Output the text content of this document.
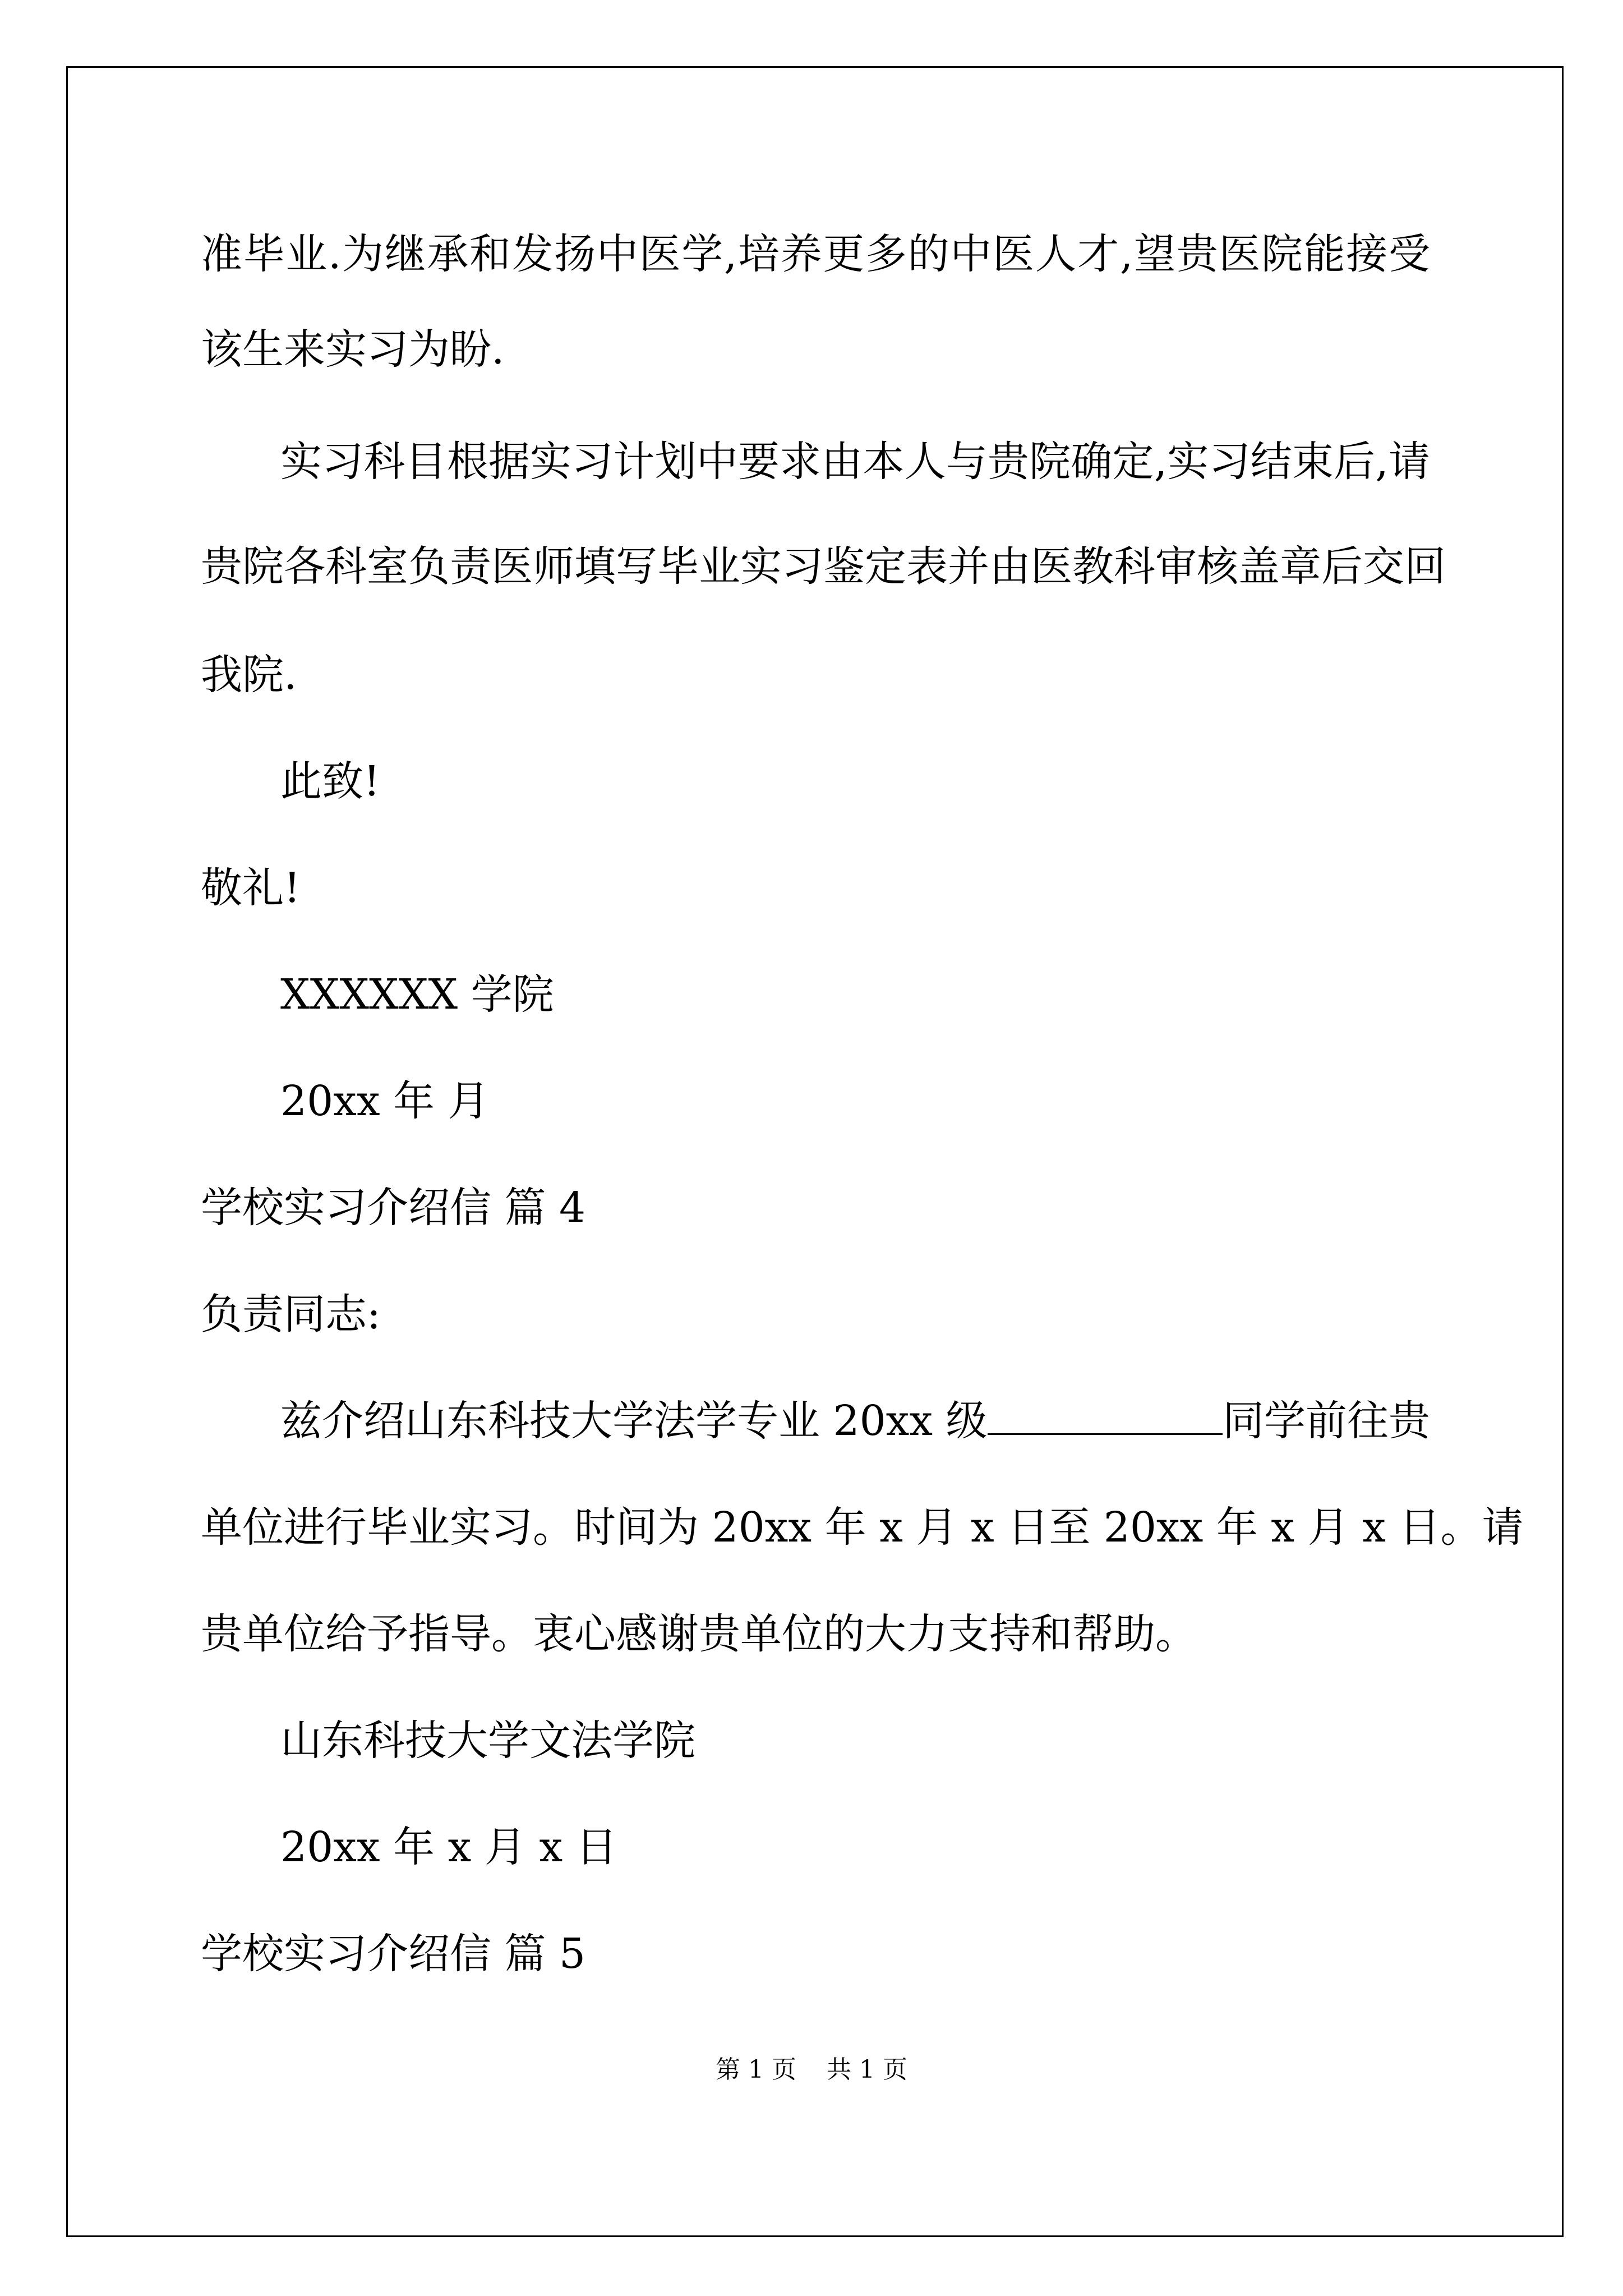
准毕业.为继承和发扬中医学,培养更多的中医人才,望贵医院能接受
该生来实习为盼.
实习科目根据实习计划中要求由本人与贵院确定,实习结束后,请
贵院各科室负责医师填写毕业实习鉴定表并由医教科审核盖章后交回
我院.
此致!
敬礼!
XXXXXX 学院
20xx 年 月
学校实习介绍信 篇 4
负责同志:
兹介绍山东科技大学法学专业 20xx 级	同学前往贵
单位进行毕业实习。时间为 20xx 年 x 月 x 日至 20xx 年 x 月 x 日。请
贵单位给予指导。衷心感谢贵单位的大力支持和帮助。
山东科技大学文法学院
20xx 年 x 月 x 日
学校实习介绍信 篇 5
第 1 页 共 1 页
